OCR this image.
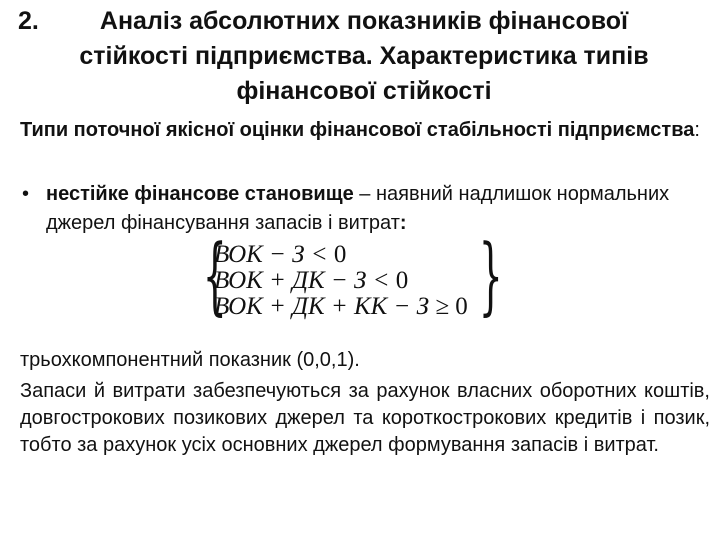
2. Аналіз абсолютних показників фінансової стійкості підприємства. Характеристика типів фінансової стійкості
Типи поточної якісної оцінки фінансової стабільності підприємства:
• нестійке фінансове становище – наявний надлишок нормальних джерел фінансування запасів і витрат:
{	}
ВОК − З < 0
ВОК + ДК − З < 0
ВОК + ДК + КК − З ≥ 0
трьохкомпонентний показник (0,0,1).
Запаси й витрати забезпечуються за рахунок власних оборотних коштів, довгострокових позикових джерел та короткострокових кредитів і позик, тобто за рахунок усіх основних джерел формування запасів і витрат.
